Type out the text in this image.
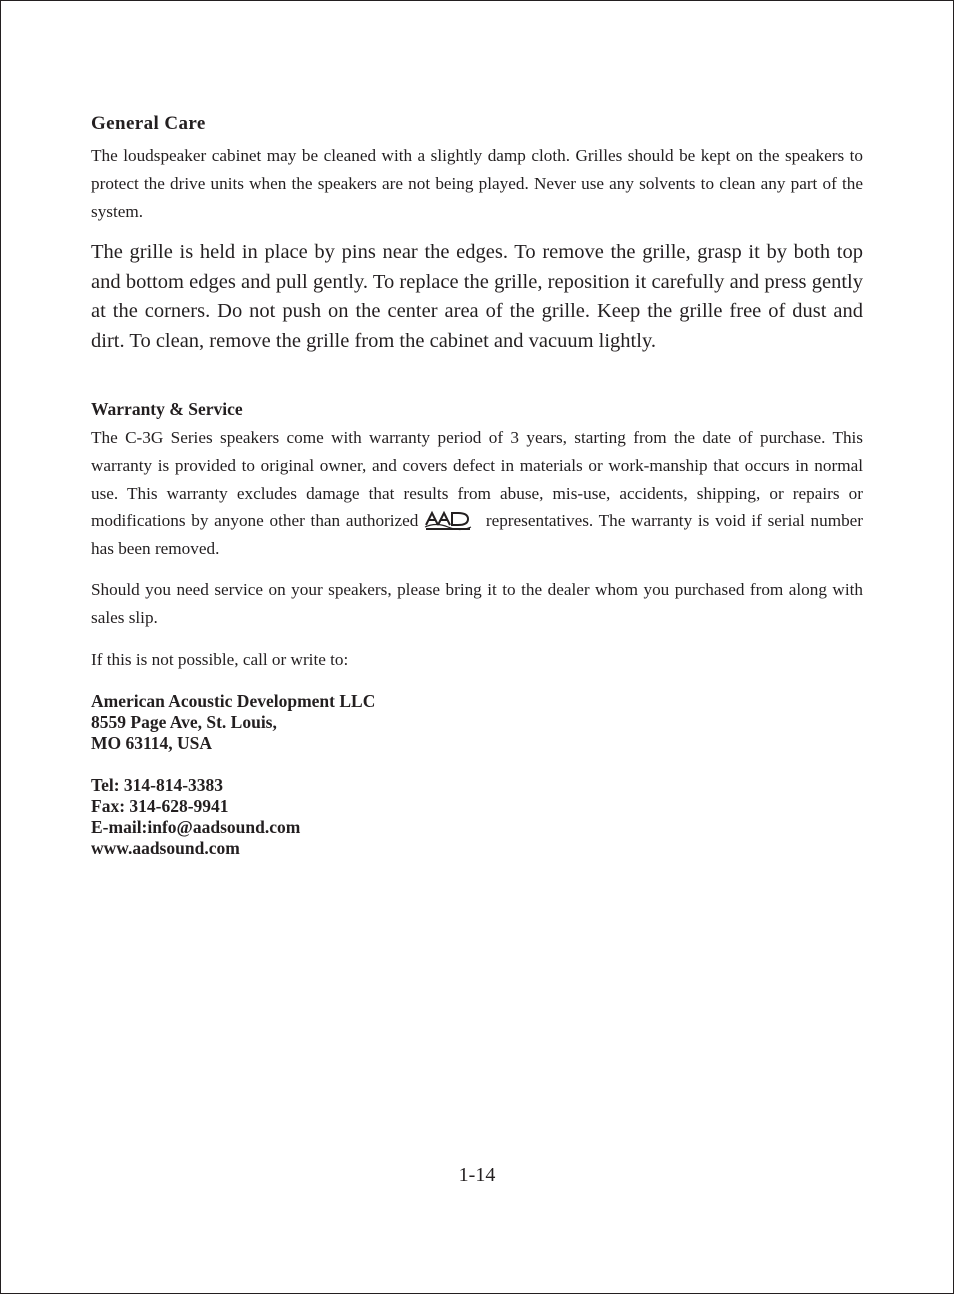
General Care

The loudspeaker cabinet may be cleaned with a slightly damp cloth. Grilles should be kept on the speakers to protect the drive units when the speakers are not being played. Never use any solvents to clean any part of the system.

The grille is held in place by pins near the edges. To remove the grille, grasp it by both top and bottom edges and pull gently. To replace the grille, reposition it carefully and press gently at the corners. Do not push on the center area of the grille. Keep the grille free of dust and dirt. To clean, remove the grille from the cabinet and vacuum lightly.

Warranty & Service

The C-3G Series speakers come with warranty period of 3 years, starting from the date of purchase. This warranty is provided to original owner, and covers defect in materials or work-manship that occurs in normal use. This warranty excludes damage that results from abuse, mis-use, accidents, shipping, or repairs or modifications by anyone other than authorized	representatives. The warranty is void if serial number has been removed.

Should you need service on your speakers, please bring it to the dealer whom you purchased from along with sales slip.

If this is not possible, call or write to:

American Acoustic Development LLC
8559 Page Ave, St. Louis,
MO 63114, USA
Tel: 314-814-3383
Fax: 314-628-9941
E-mail:info@aadsound.com
www.aadsound.com
1-14
